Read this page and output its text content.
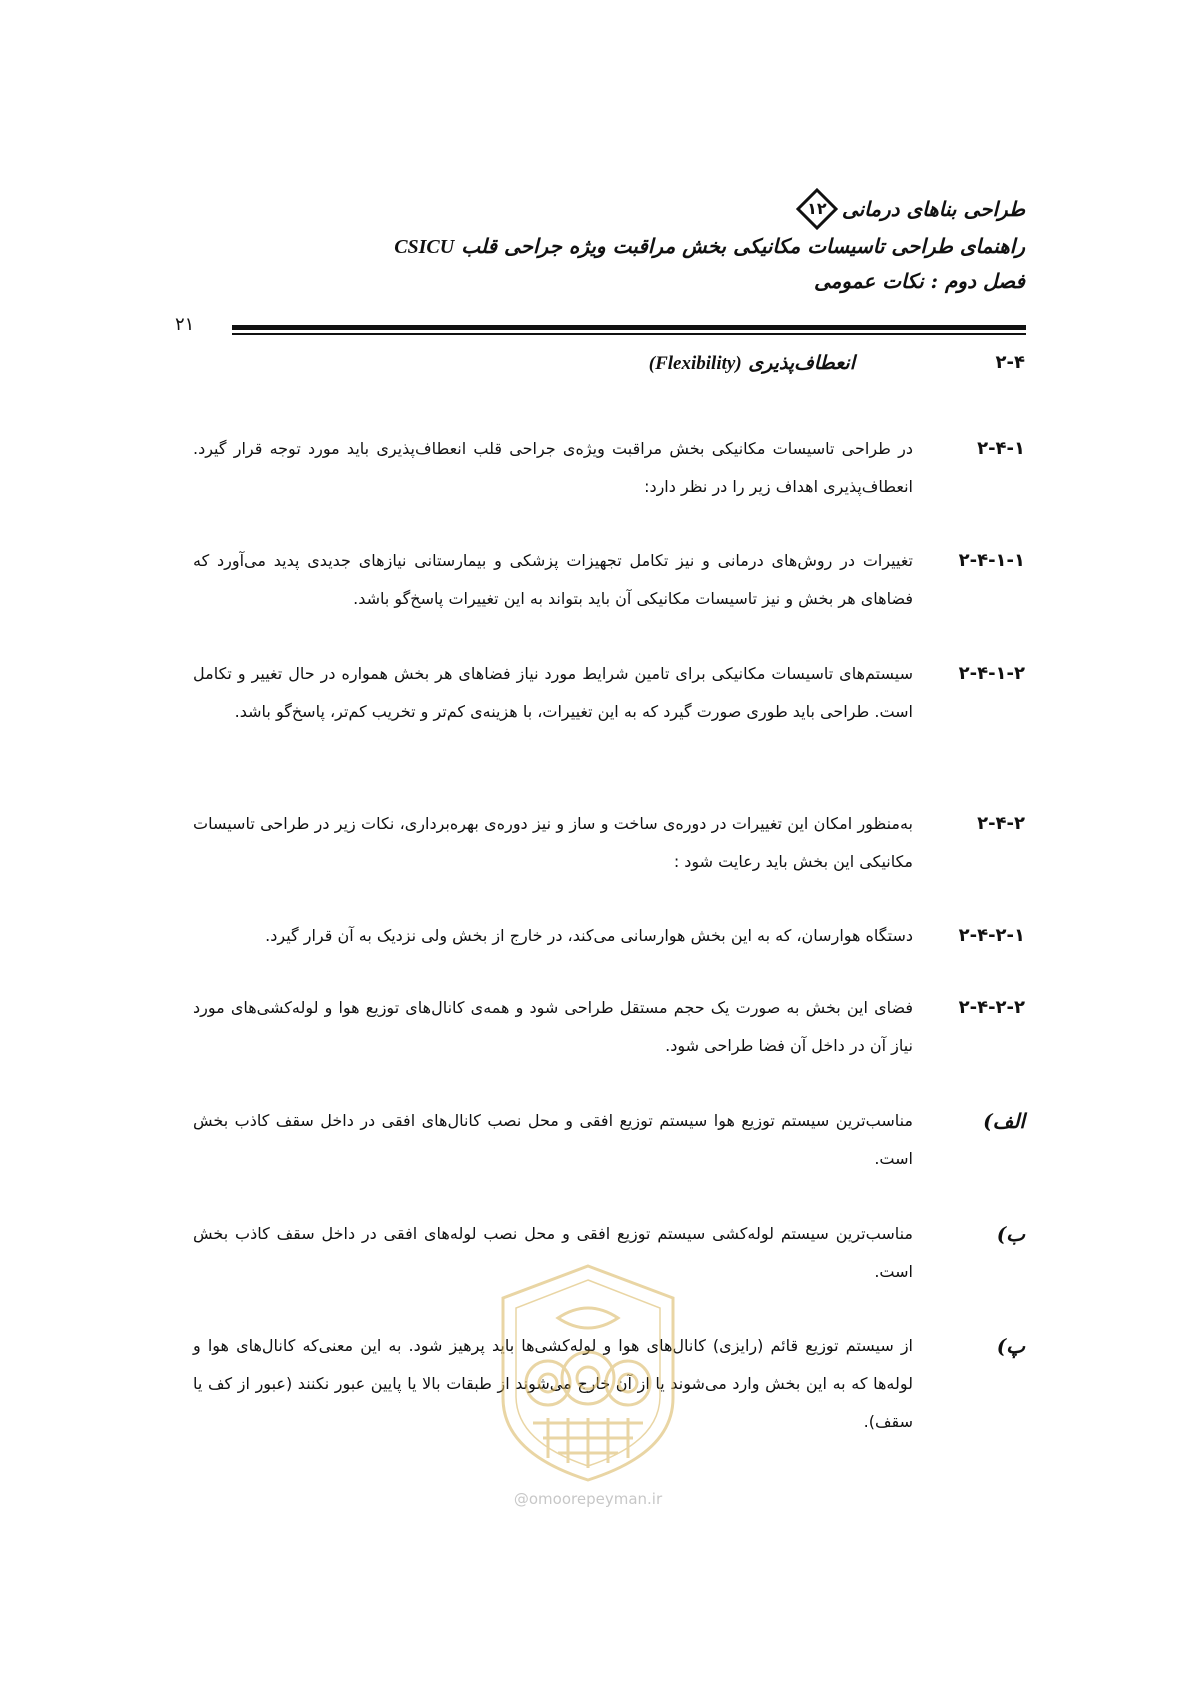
طراحی بناهای درمانی
۱۲
راهنمای طراحی تاسیسات مکانیکی بخش مراقبت ویژه جراحی قلب CSICU
فصل دوم : نکات عمومی
۲۱
۲-۴
انعطاف‌پذیری (Flexibility)
۲-۴-۱
در طراحی تاسیسات مکانیکی بخش مراقبت ویژه‌ی جراحی قلب انعطاف‌پذیری باید مورد توجه قرار گیرد. انعطاف‌پذیری اهداف زیر را در نظر دارد:
۲-۴-۱-۱
تغییرات در روش‌های درمانی و نیز تکامل تجهیزات پزشکی و بیمارستانی نیازهای جدیدی پدید می‌آورد که فضاهای هر بخش و نیز تاسیسات مکانیکی آن باید بتواند به این تغییرات پاسخ‌گو باشد.
۲-۴-۱-۲
سیستم‌های تاسیسات مکانیکی برای تامین شرایط مورد نیاز فضاهای هر بخش همواره در حال تغییر و تکامل است. طراحی باید طوری صورت گیرد که به این تغییرات، با هزینه‌ی کم‌تر و تخریب کم‌تر، پاسخ‌گو باشد.
۲-۴-۲
به‌منظور امکان این تغییرات در دوره‌ی ساخت و ساز و نیز دوره‌ی بهره‌برداری، نکات زیر در طراحی تاسیسات مکانیکی این بخش باید رعایت شود :
۲-۴-۲-۱
دستگاه هوارسان، که به این بخش هوارسانی می‌کند، در خارج از بخش ولی نزدیک به آن قرار گیرد.
۲-۴-۲-۲
فضای این بخش به صورت یک حجم مستقل طراحی شود و همه‌ی کانال‌های توزیع هوا و لوله‌کشی‌های مورد نیاز آن در داخل آن فضا طراحی شود.
الف)
مناسب‌ترین سیستم توزیع هوا سیستم توزیع افقی و محل نصب کانال‌های افقی در داخل سقف کاذب بخش است.
ب)
مناسب‌ترین سیستم لوله‌کشی سیستم توزیع افقی و محل نصب لوله‌های افقی در داخل سقف کاذب بخش است.
پ)
از سیستم توزیع قائم (رایزی) کانال‌های هوا و لوله‌کشی‌ها باید پرهیز شود. به این معنی‌که کانال‌های هوا و لوله‌ها که به این بخش وارد می‌شوند یا از آن خارج می‌شوند از طبقات بالا یا پایین عبور نکنند (عبور از کف یا سقف).
@omoorepeyman.ir
